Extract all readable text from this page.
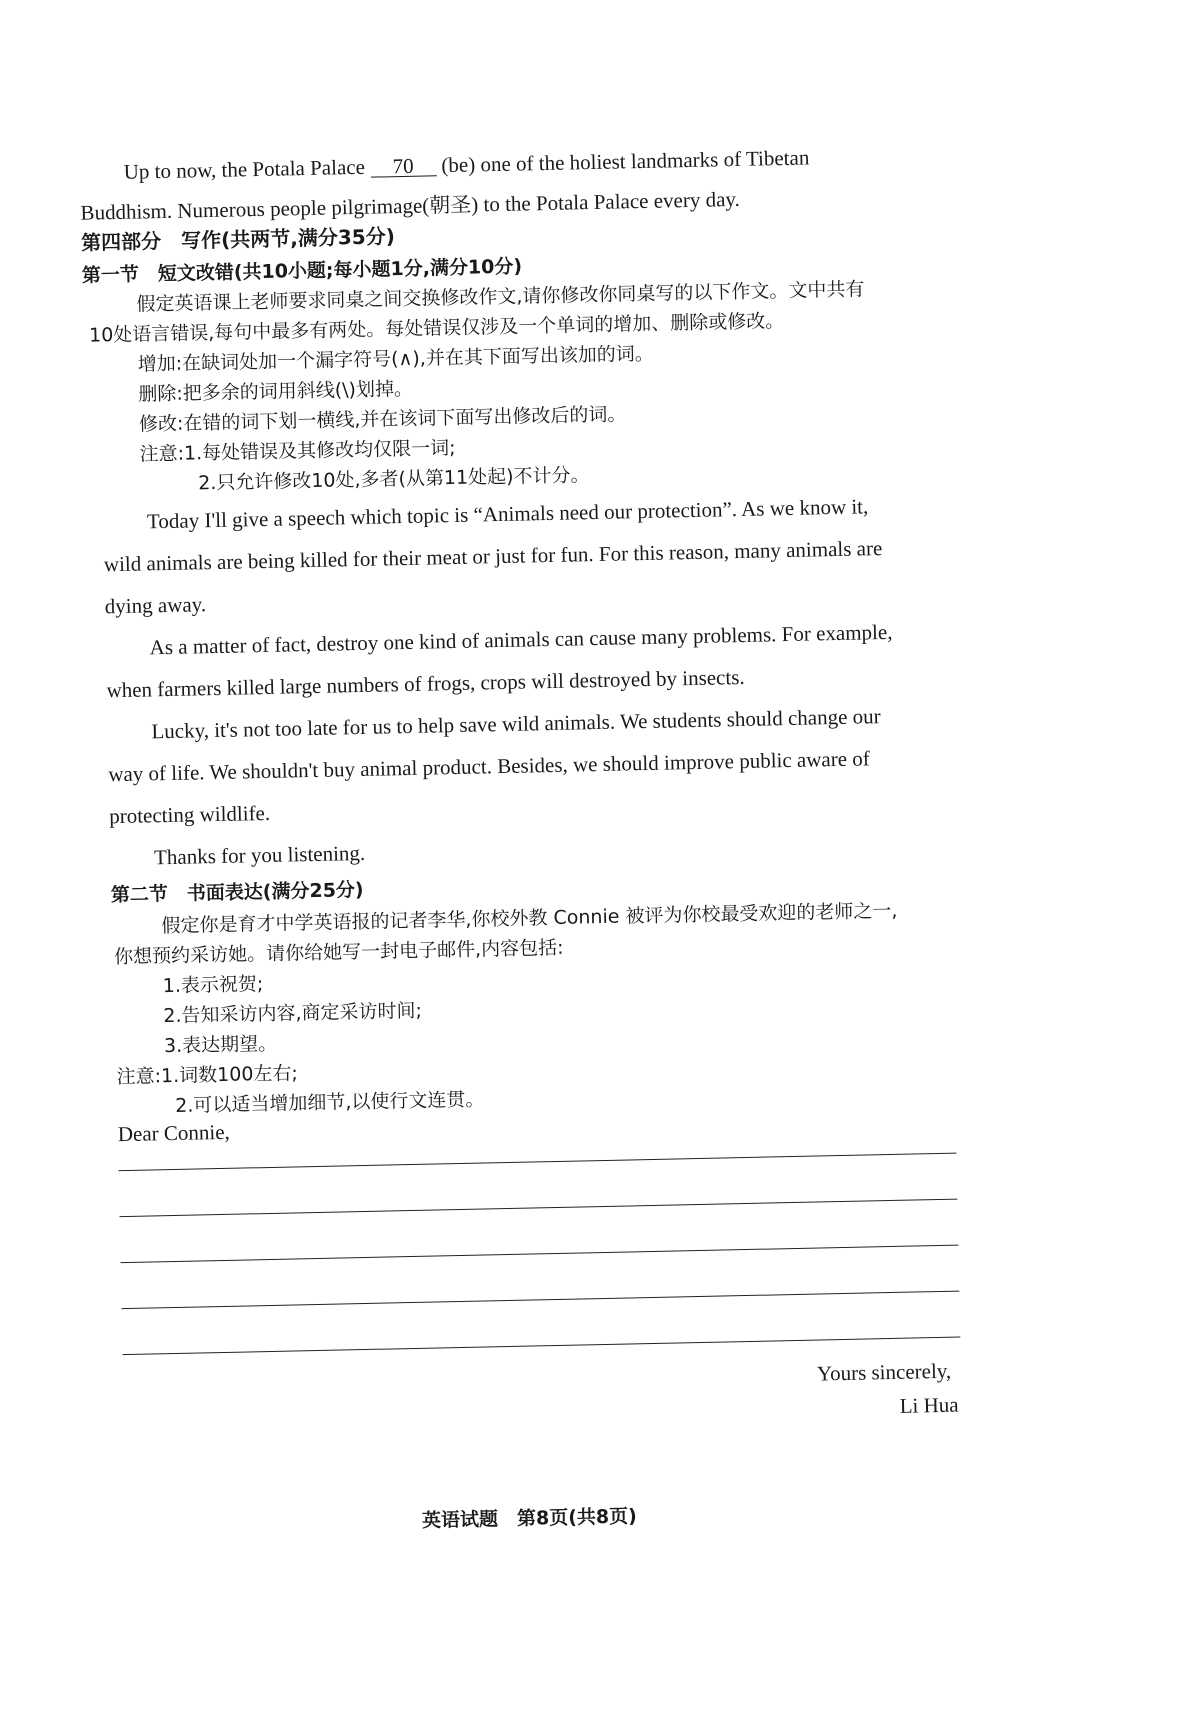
Up to now, the Potala Palace 70 (be) one of the holiest landmarks of Tibetan
Buddhism. Numerous people pilgrimage(朝圣) to the Potala Palace every day.
第四部分　写作(共两节,满分35分)
第一节　短文改错(共10小题;每小题1分,满分10分)
假定英语课上老师要求同桌之间交换修改作文,请你修改你同桌写的以下作文。文中共有
10处语言错误,每句中最多有两处。每处错误仅涉及一个单词的增加、删除或修改。
增加:在缺词处加一个漏字符号(∧),并在其下面写出该加的词。
删除:把多余的词用斜线(\)划掉。
修改:在错的词下划一横线,并在该词下面写出修改后的词。
注意:1.每处错误及其修改均仅限一词;
2.只允许修改10处,多者(从第11处起)不计分。
Today I'll give a speech which topic is “Animals need our protection”. As we know it,
wild animals are being killed for their meat or just for fun. For this reason, many animals are
dying away.
As a matter of fact, destroy one kind of animals can cause many problems. For example,
when farmers killed large numbers of frogs, crops will destroyed by insects.
Lucky, it's not too late for us to help save wild animals. We students should change our
way of life. We shouldn't buy animal product. Besides, we should improve public aware of
protecting wildlife.
Thanks for you listening.
第二节　书面表达(满分25分)
假定你是育才中学英语报的记者李华,你校外教 Connie 被评为你校最受欢迎的老师之一,
你想预约采访她。请你给她写一封电子邮件,内容包括:
1.表示祝贺;
2.告知采访内容,商定采访时间;
3.表达期望。
注意:1.词数100左右;
2.可以适当增加细节,以使行文连贯。
Dear Connie,
Yours sincerely,
Li Hua
英语试题　第8页(共8页)
